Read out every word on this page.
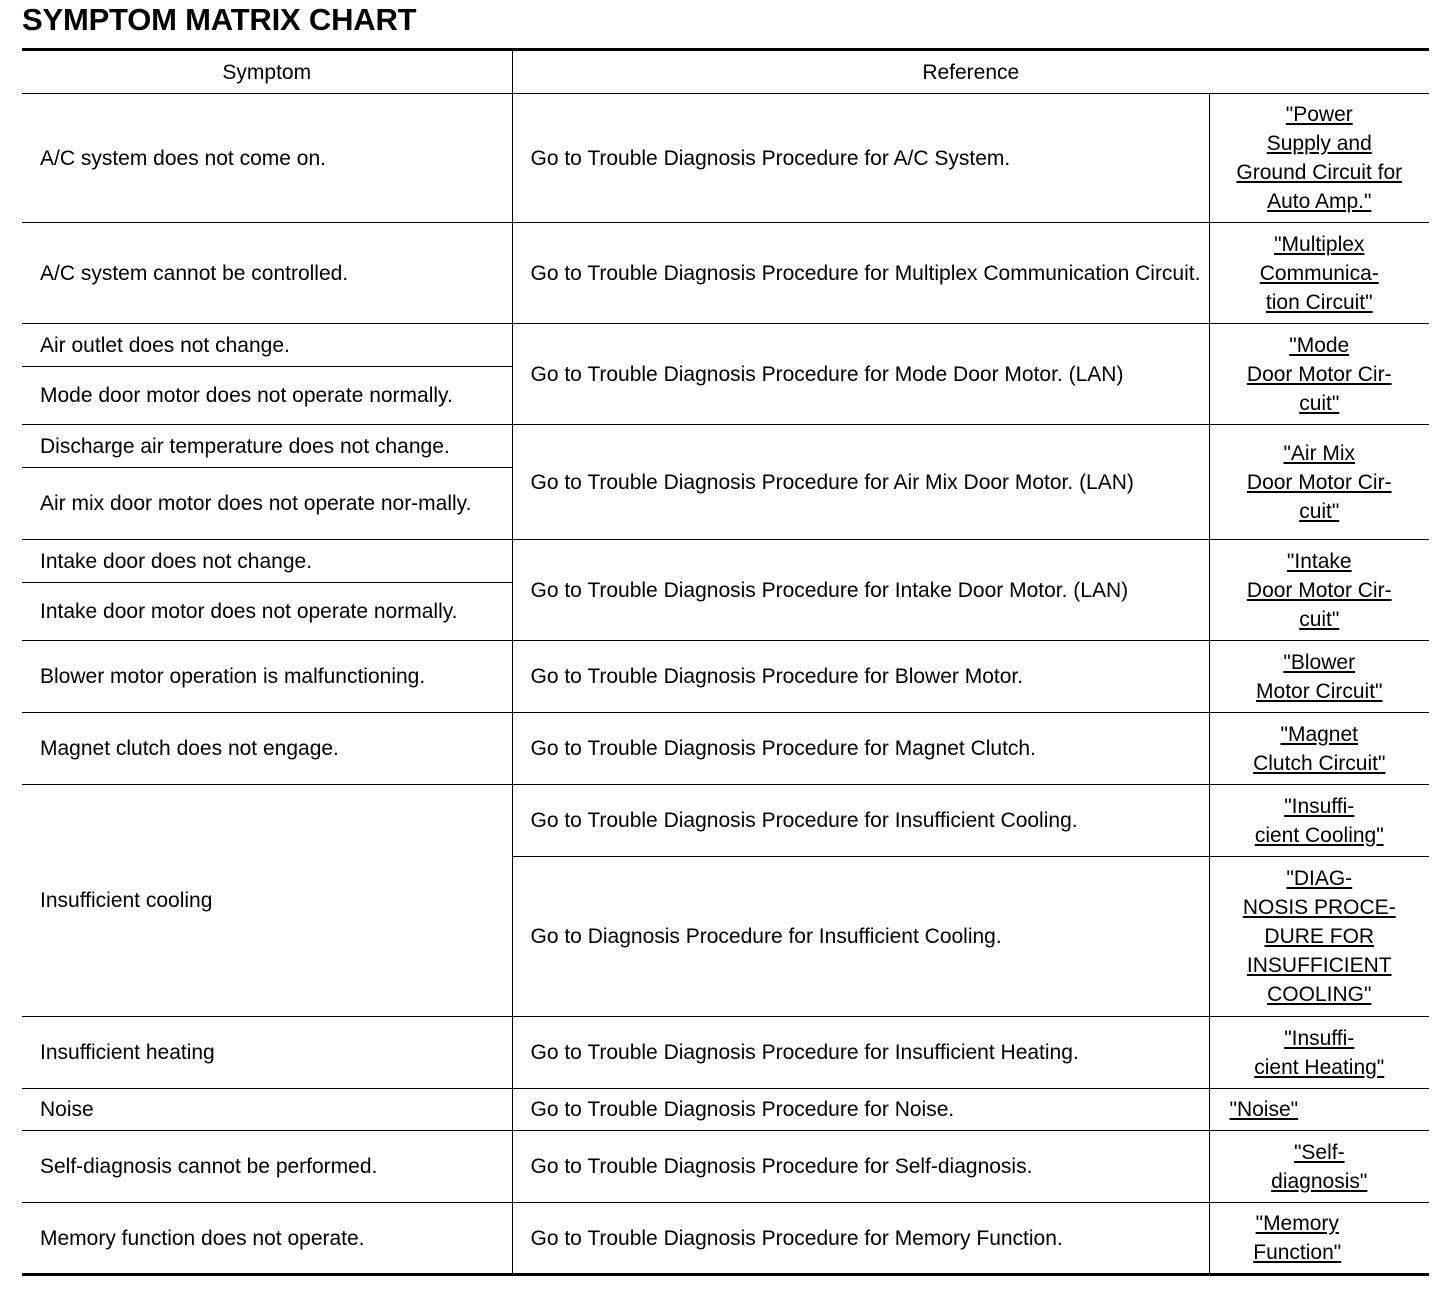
SYMPTOM MATRIX CHART
Symptom	Reference	
A/C system does not come on.	Go to Trouble Diagnosis Procedure for A/C System.	"Power
Supply and
Ground Circuit for
Auto Amp."
A/C system cannot be controlled.	Go to Trouble Diagnosis Procedure for Multiplex Communication Circuit.	"Multiplex
Communica-
tion Circuit"
Air outlet does not change.	Go to Trouble Diagnosis Procedure for Mode Door Motor. (LAN)	"Mode
Door Motor Cir-
cuit"
Mode door motor does not operate normally.		
Discharge air temperature does not change.	Go to Trouble Diagnosis Procedure for Air Mix Door Motor. (LAN)	"Air Mix
Door Motor Cir-
cuit"
Air mix door motor does not operate nor-mally.		
Intake door does not change.	Go to Trouble Diagnosis Procedure for Intake Door Motor. (LAN)	"Intake
Door Motor Cir-
cuit"
Intake door motor does not operate normally.		
Blower motor operation is malfunctioning.	Go to Trouble Diagnosis Procedure for Blower Motor.	"Blower
Motor Circuit"
Magnet clutch does not engage.	Go to Trouble Diagnosis Procedure for Magnet Clutch.	"Magnet
Clutch Circuit"
Insufficient cooling	Go to Trouble Diagnosis Procedure for Insufficient Cooling.	"Insuffi-
cient Cooling"
	Go to Diagnosis Procedure for Insufficient Cooling.	"DIAG-
NOSIS PROCE-
DURE FOR
INSUFFICIENT
COOLING"
Insufficient heating	Go to Trouble Diagnosis Procedure for Insufficient Heating.	"Insuffi-
cient Heating"
Noise	Go to Trouble Diagnosis Procedure for Noise.	"Noise"
Self-diagnosis cannot be performed.	Go to Trouble Diagnosis Procedure for Self-diagnosis.	"Self-
diagnosis"
Memory function does not operate.	Go to Trouble Diagnosis Procedure for Memory Function.	"Memory
Function"
